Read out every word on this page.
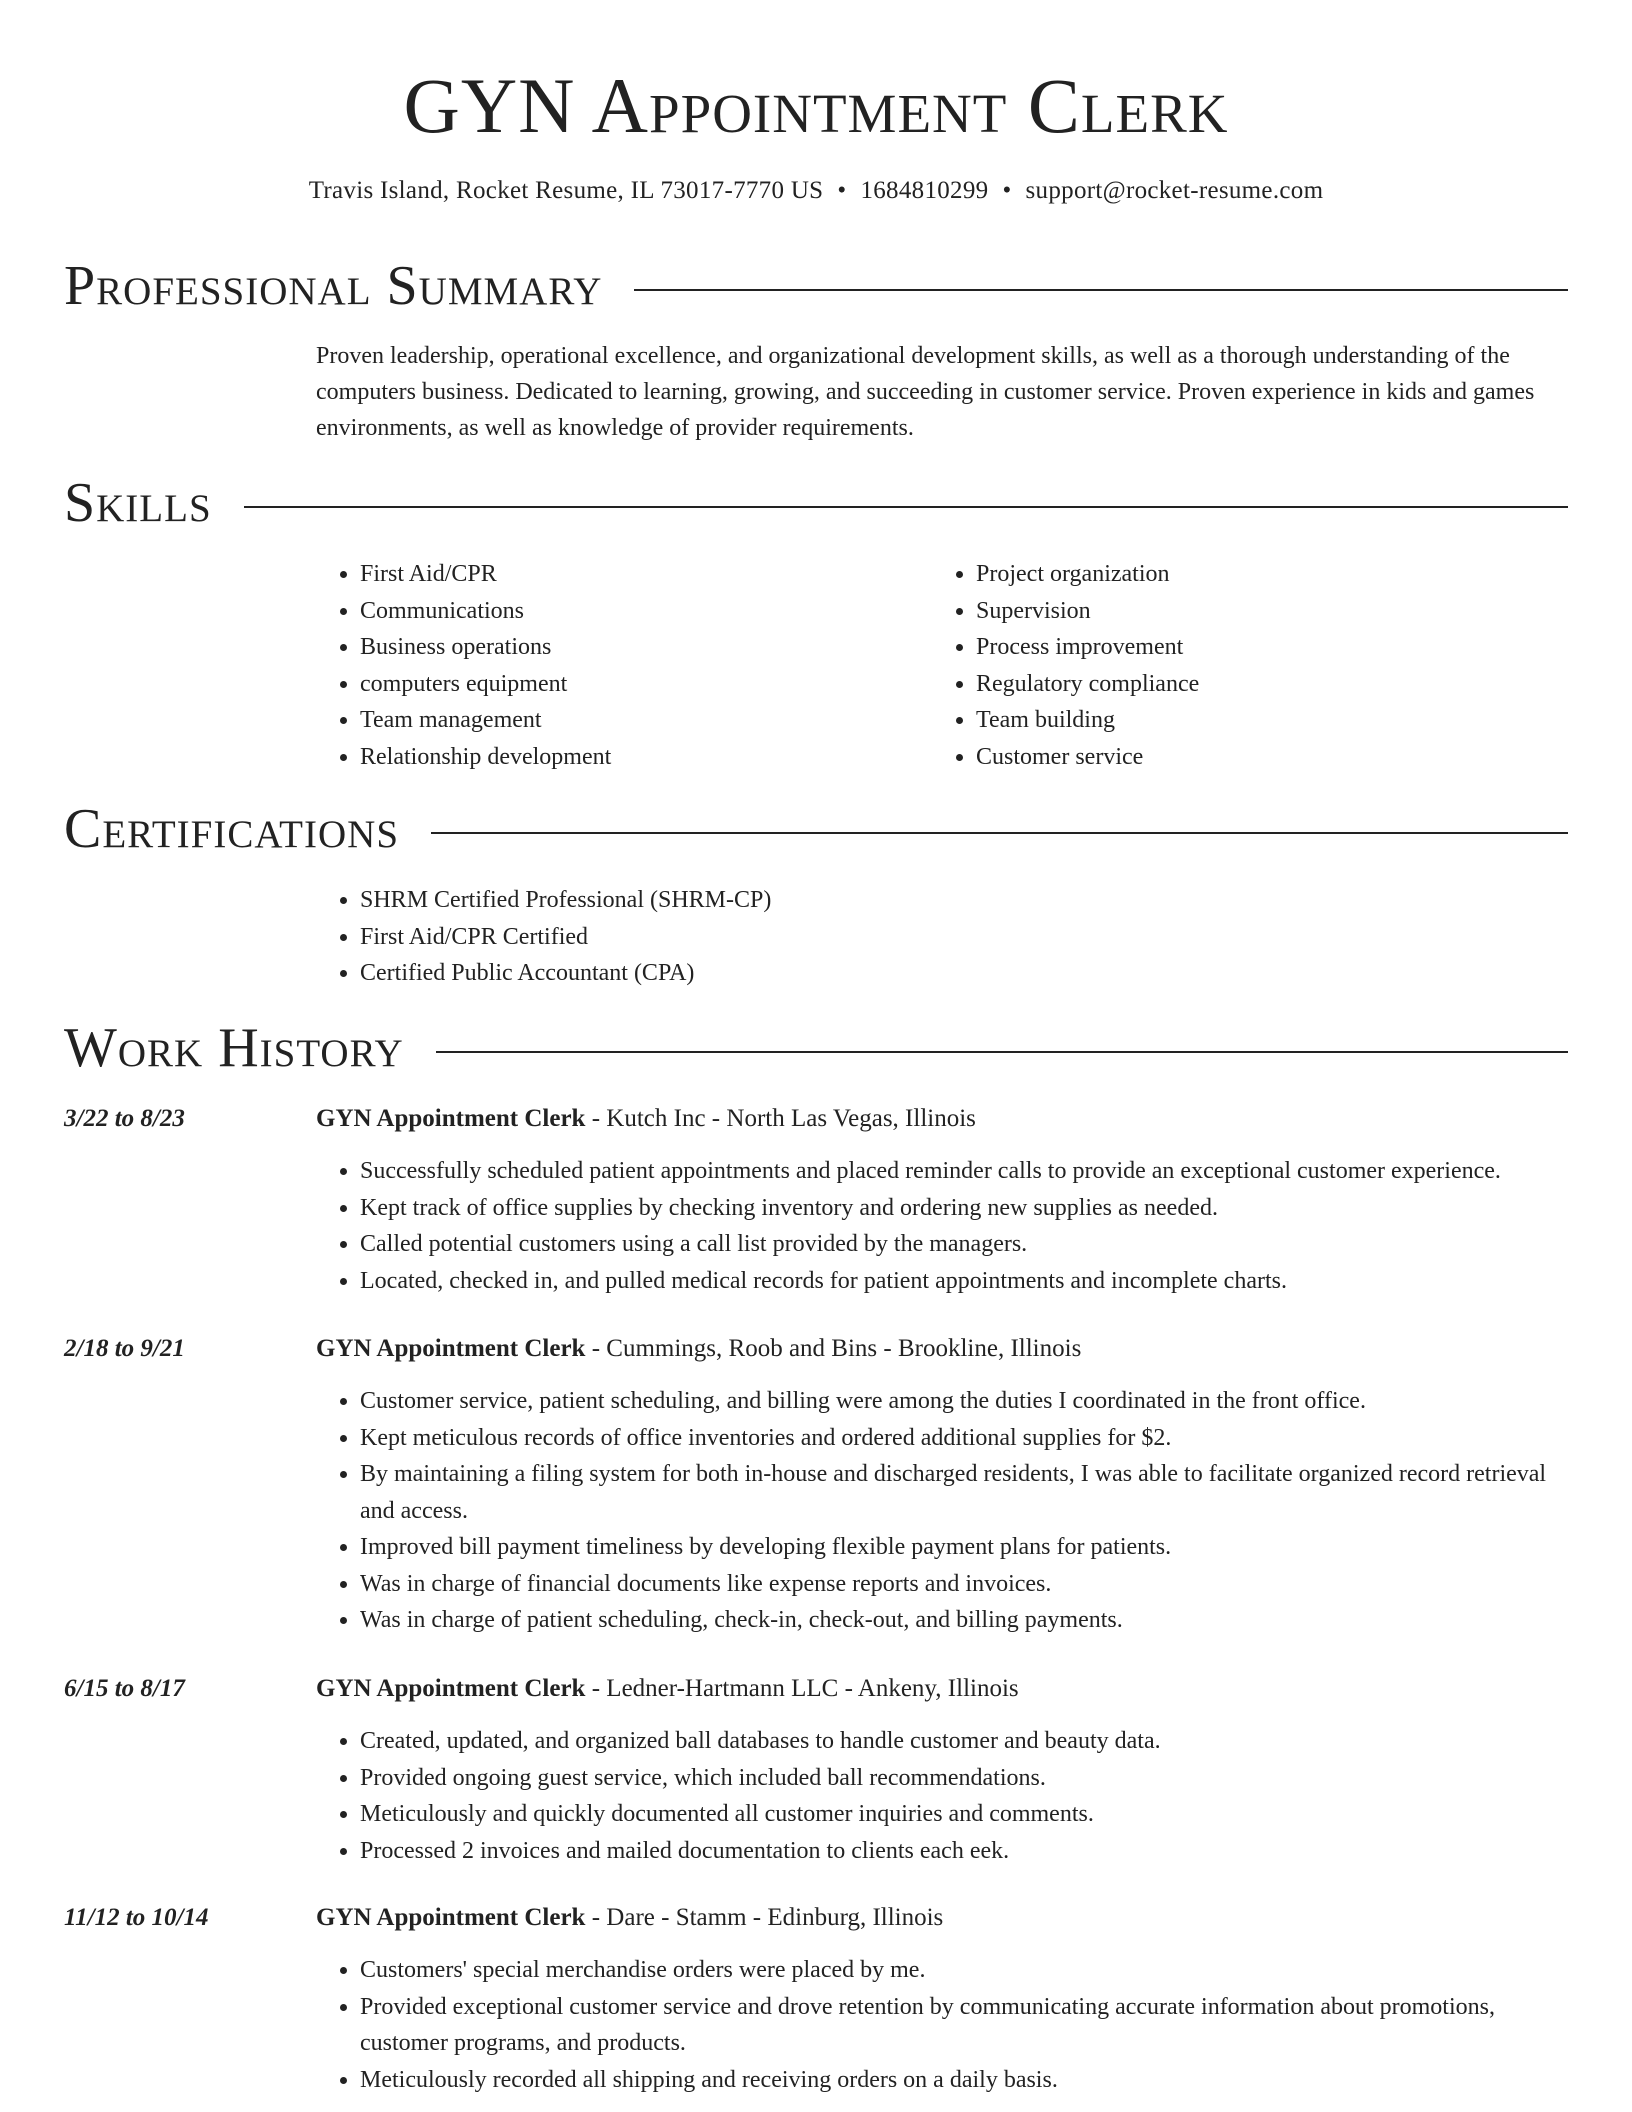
GYN Appointment Clerk
Travis Island, Rocket Resume, IL 73017-7770 US • 1684810299 • support@rocket-resume.com
Professional Summary

Proven leadership, operational excellence, and organizational development skills, as well as a thorough understanding of the computers business. Dedicated to learning, growing, and succeeding in customer service. Proven experience in kids and games environments, as well as knowledge of provider requirements.

Skills
• First Aid/CPR
• Communications
• Business operations
• computers equipment
• Team management
• Relationship development
• Project organization
• Supervision
• Process improvement
• Regulatory compliance
• Team building
• Customer service
Certifications
• SHRM Certified Professional (SHRM-CP)
• First Aid/CPR Certified
• Certified Public Accountant (CPA)
Work History
3/22 to 8/23	GYN Appointment Clerk - Kutch Inc - North Las Vegas, Illinois
• Successfully scheduled patient appointments and placed reminder calls to provide an exceptional customer experience.
• Kept track of office supplies by checking inventory and ordering new supplies as needed.
• Called potential customers using a call list provided by the managers.
• Located, checked in, and pulled medical records for patient appointments and incomplete charts.
2/18 to 9/21	GYN Appointment Clerk - Cummings, Roob and Bins - Brookline, Illinois
• Customer service, patient scheduling, and billing were among the duties I coordinated in the front office.
• Kept meticulous records of office inventories and ordered additional supplies for $2.
• By maintaining a filing system for both in-house and discharged residents, I was able to facilitate organized record retrieval and access.
• Improved bill payment timeliness by developing flexible payment plans for patients.
• Was in charge of financial documents like expense reports and invoices.
• Was in charge of patient scheduling, check-in, check-out, and billing payments.
6/15 to 8/17	GYN Appointment Clerk - Ledner-Hartmann LLC - Ankeny, Illinois
• Created, updated, and organized ball databases to handle customer and beauty data.
• Provided ongoing guest service, which included ball recommendations.
• Meticulously and quickly documented all customer inquiries and comments.
• Processed 2 invoices and mailed documentation to clients each eek.
11/12 to 10/14	GYN Appointment Clerk - Dare - Stamm - Edinburg, Illinois
• Customers' special merchandise orders were placed by me.
• Provided exceptional customer service and drove retention by communicating accurate information about promotions, customer programs, and products.
• Meticulously recorded all shipping and receiving orders on a daily basis.
